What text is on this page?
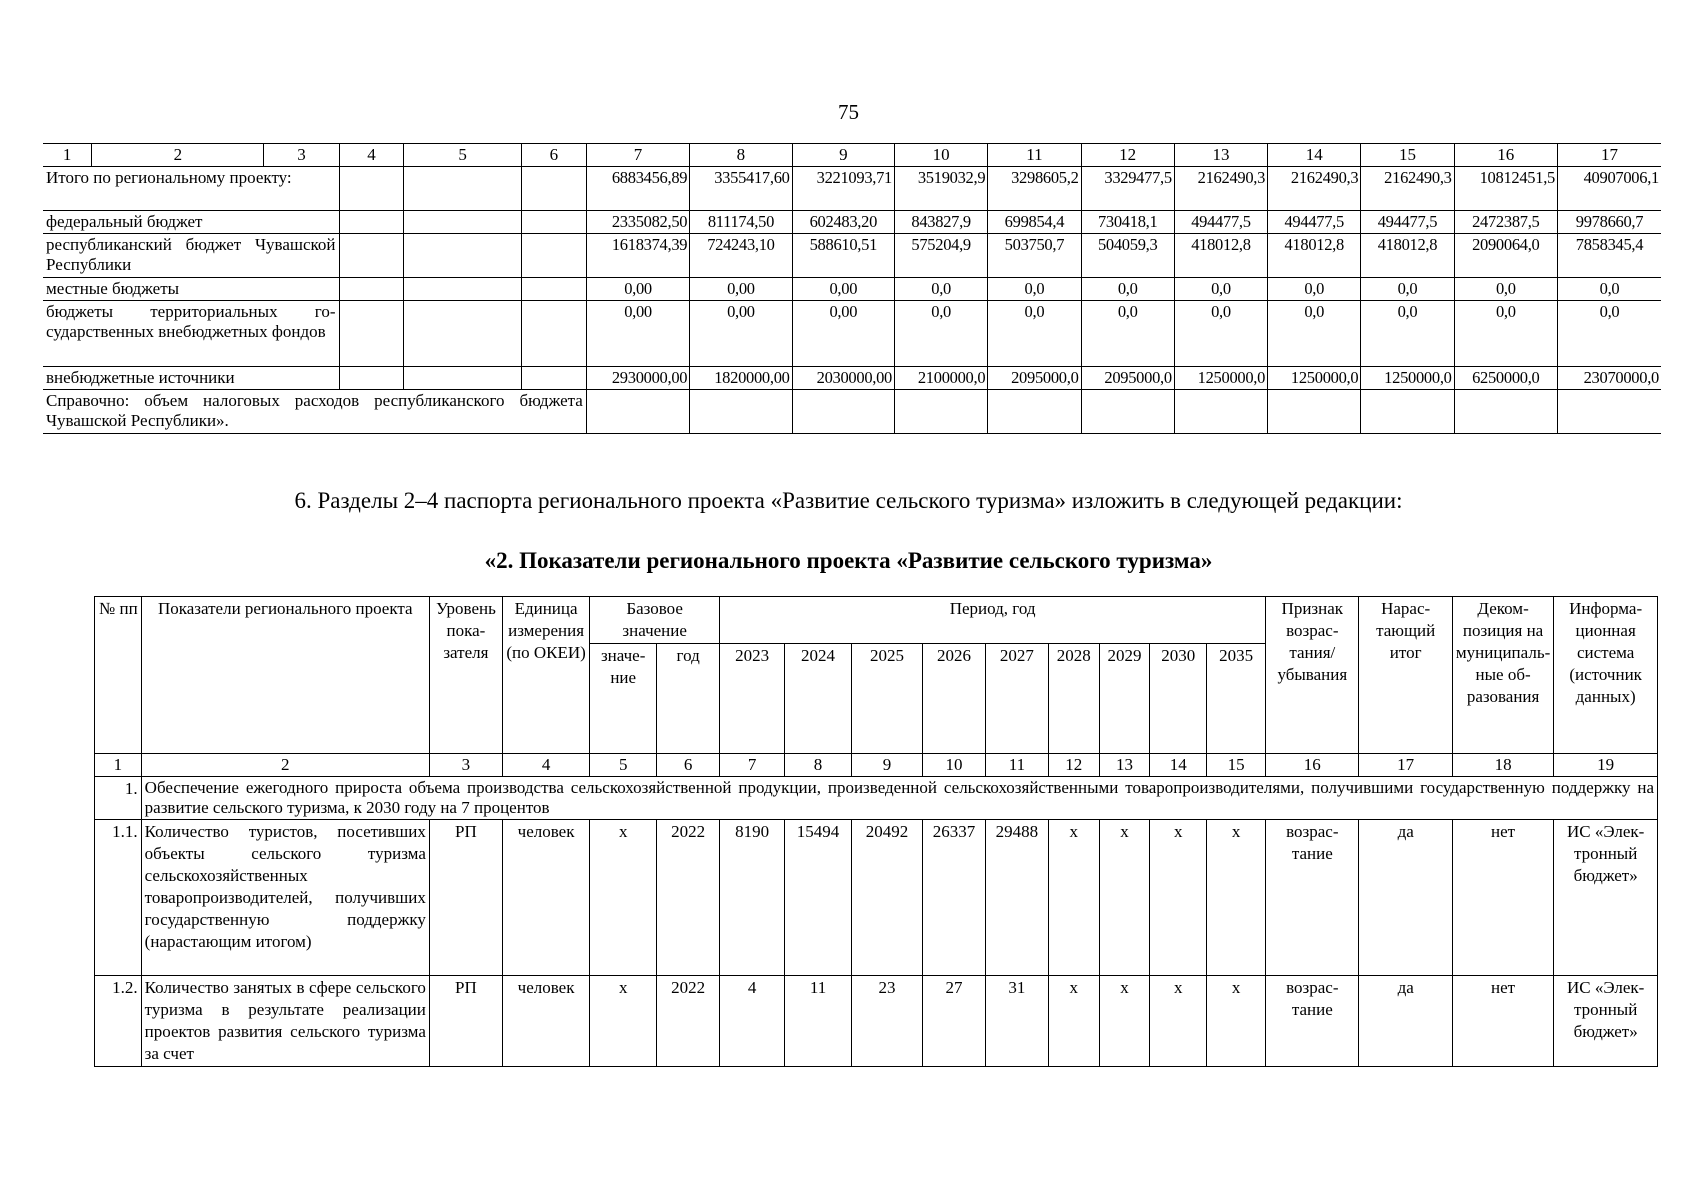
75
1	2	3	4	5	6	7	8	9	10	11	12	13	14	15	16	17
Итого по региональному проекту:						6883456,89	3355417,60	3221093,71	3519032,9	3298605,2	3329477,5	2162490,3	2162490,3	2162490,3	10812451,5	40907006,1
федеральный бюджет						2335082,50	811174,50	602483,20	843827,9	699854,4	730418,1	494477,5	494477,5	494477,5	2472387,5	9978660,7
республиканский бюджет Чувашской Республики						1618374,39	724243,10	588610,51	575204,9	503750,7	504059,3	418012,8	418012,8	418012,8	2090064,0	7858345,4
местные бюджеты						0,00	0,00	0,00	0,0	0,0	0,0	0,0	0,0	0,0	0,0	0,0
бюджеты территориальных государственных внебюджетных фондов						0,00	0,00	0,00	0,0	0,0	0,0	0,0	0,0	0,0	0,0	0,0
внебюджетные источники						2930000,00	1820000,00	2030000,00	2100000,0	2095000,0	2095000,0	1250000,0	1250000,0	1250000,0	6250000,0	23070000,0
Справочно: объем налоговых расходов республиканского бюджета Чувашской Республики».																
6. Разделы 2–4 паспорта регионального проекта «Развитие сельского туризма» изложить в следующей редакции:
«2. Показатели регионального проекта «Развитие сельского туризма»
№ пп	Показатели регионального проекта	Уровень показателя	Единица измерения (по ОКЕИ)	Базовое значение		Период, год									Признак возрастания/ убывания	Нарастающий итог	Декомпозиция на муниципальные образования	Информационная система (источник данных)
				значение	год	2023	2024	2025	2026	2027	2028	2029	2030	2035				
1	2	3	4	5	6	7	8	9	10	11	12	13	14	15	16	17	18	19
1.	Обеспечение ежегодного прироста объема производства сельскохозяйственной продукции, произведенной сельскохозяйственными товаропроизводителями, получившими государственную поддержку на развитие сельского туризма, к 2030 году на 7 процентов																	
1.1.	Количество туристов, посетивших объекты сельского туризма сельскохозяйственных товаропроизводителей, получивших государственную поддержку (нарастающим итогом)	РП	человек	х	2022	8190	15494	20492	26337	29488	х	х	х	х	возрастание	да	нет	ИС «Электронный бюджет»
1.2.	Количество занятых в сфере сельского туризма в результате реализации проектов развития сельского туризма за счет	РП	человек	х	2022	4	11	23	27	31	х	х	х	х	возрастание	да	нет	ИС «Электронный бюджет»
